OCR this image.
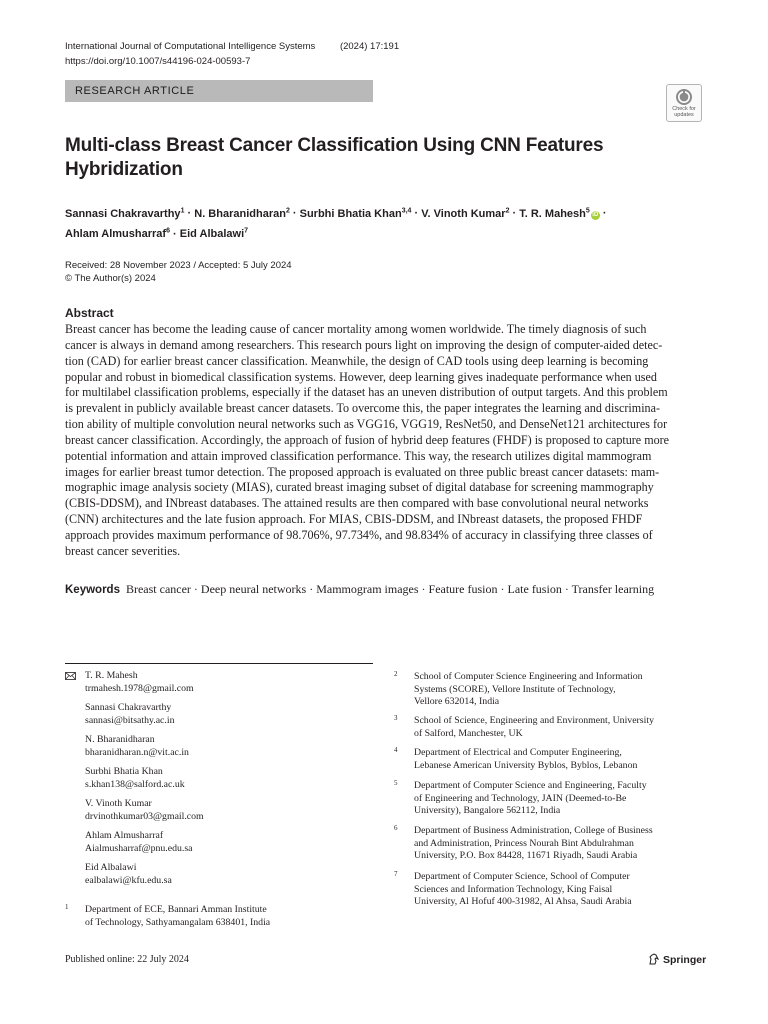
International Journal of Computational Intelligence Systems	(2024) 17:191
https://doi.org/10.1007/s44196-024-00593-7
RESEARCH ARTICLE
Check for
updates
Multi-class Breast Cancer Classification Using CNN Features Hybridization
Sannasi Chakravarthy$^1$ · N. Bharanidharan$^2$ · Surbhi Bhatia Khan$^{3,4}$ · V. Vinoth Kumar$^2$ · T. R. Mahesh$^5$iD ·
Ahlam Almusharraf$^6$ · Eid Albalawi$^7$
Received: 28 November 2023 / Accepted: 5 July 2024
© The Author(s) 2024
Abstract
Breast cancer has become the leading cause of cancer mortality among women worldwide. The timely diagnosis of such
cancer is always in demand among researchers. This research pours light on improving the design of computer-aided detec-
tion (CAD) for earlier breast cancer classification. Meanwhile, the design of CAD tools using deep learning is becoming
popular and robust in biomedical classification systems. However, deep learning gives inadequate performance when used
for multilabel classification problems, especially if the dataset has an uneven distribution of output targets. And this problem
is prevalent in publicly available breast cancer datasets. To overcome this, the paper integrates the learning and discrimina-
tion ability of multiple convolution neural networks such as VGG16, VGG19, ResNet50, and DenseNet121 architectures for
breast cancer classification. Accordingly, the approach of fusion of hybrid deep features (FHDF) is proposed to capture more
potential information and attain improved classification performance. This way, the research utilizes digital mammogram
images for earlier breast tumor detection. The proposed approach is evaluated on three public breast cancer datasets: mam-
mographic image analysis society (MIAS), curated breast imaging subset of digital database for screening mammography
(CBIS-DDSM), and INbreast databases. The attained results are then compared with base convolutional neural networks
(CNN) architectures and the late fusion approach. For MIAS, CBIS-DDSM, and INbreast datasets, the proposed FHDF
approach provides maximum performance of 98.706%, 97.734%, and 98.834% of accuracy in classifying three classes of
breast cancer severities.
Keywords Breast cancer · Deep neural networks · Mammogram images · Feature fusion · Late fusion · Transfer learning
T. R. Mahesh
trmahesh.1978@gmail.com
Sannasi Chakravarthy
sannasi@bitsathy.ac.in
N. Bharanidharan
bharanidharan.n@vit.ac.in
Surbhi Bhatia Khan
s.khan138@salford.ac.uk
V. Vinoth Kumar
drvinothkumar03@gmail.com
Ahlam Almusharraf
Aialmusharraf@pnu.edu.sa
Eid Albalawi
ealbalawi@kfu.edu.sa
1 Department of ECE, Bannari Amman Institute
of Technology, Sathyamangalam 638401, India
2 School of Computer Science Engineering and Information
Systems (SCORE), Vellore Institute of Technology,
Vellore 632014, India
3 School of Science, Engineering and Environment, University
of Salford, Manchester, UK
4 Department of Electrical and Computer Engineering,
Lebanese American University Byblos, Byblos, Lebanon
5 Department of Computer Science and Engineering, Faculty
of Engineering and Technology, JAIN (Deemed-to-Be
University), Bangalore 562112, India
6 Department of Business Administration, College of Business
and Administration, Princess Nourah Bint Abdulrahman
University, P.O. Box 84428, 11671 Riyadh, Saudi Arabia
7 Department of Computer Science, School of Computer
Sciences and Information Technology, King Faisal
University, Al Hofuf 400-31982, Al Ahsa, Saudi Arabia
Published online: 22 July 2024	Springer
